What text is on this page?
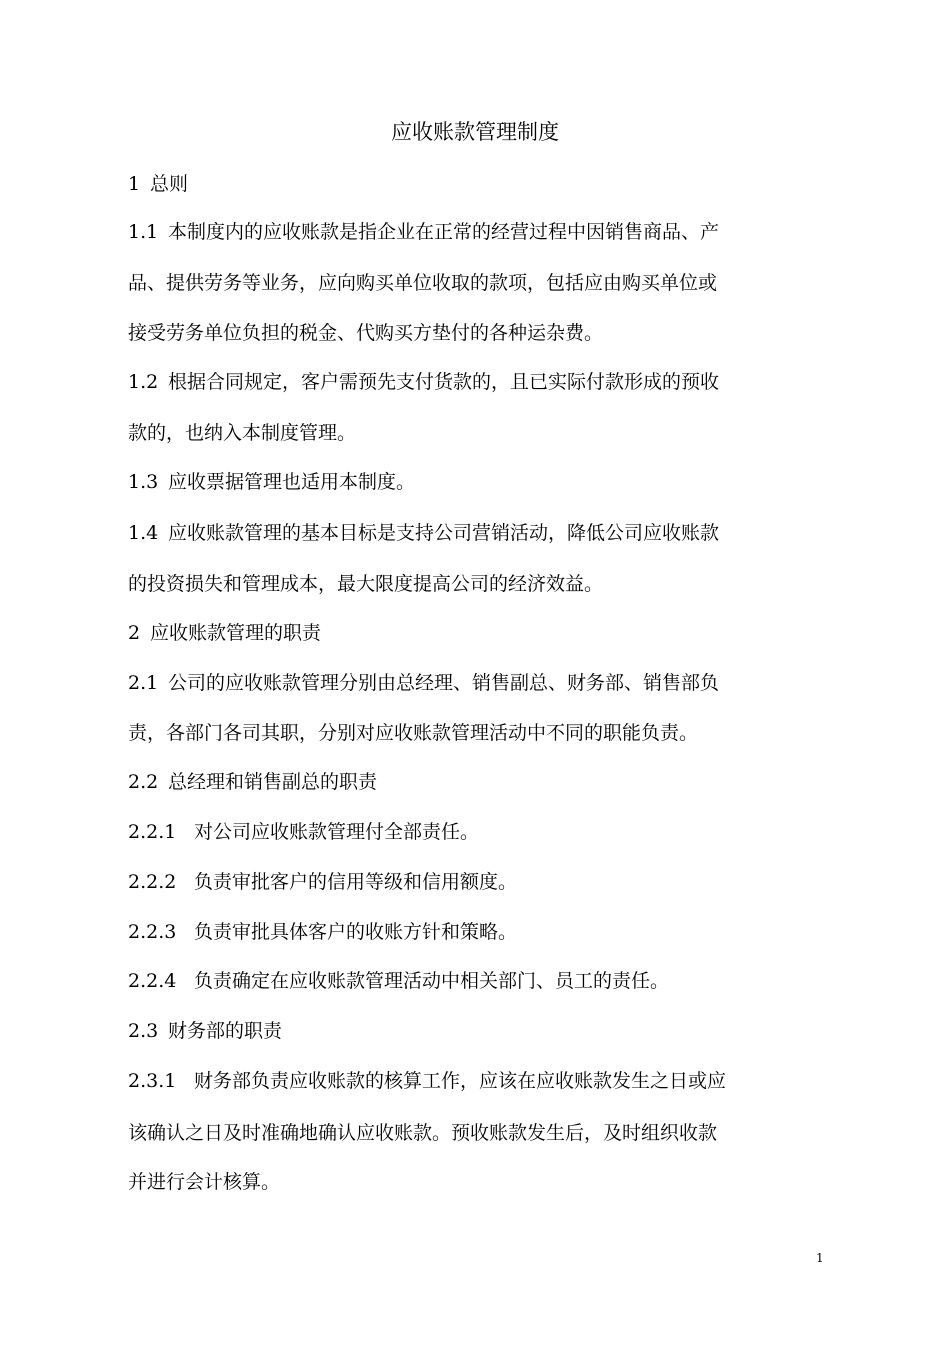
应收账款管理制度

1 总则

1.1 本制度内的应收账款是指企业在正常的经营过程中因销售商品、产

品、提供劳务等业务，应向购买单位收取的款项，包括应由购买单位或

接受劳务单位负担的税金、代购买方垫付的各种运杂费。

1.2 根据合同规定，客户需预先支付货款的，且已实际付款形成的预收

款的，也纳入本制度管理。

1.3 应收票据管理也适用本制度。

1.4 应收账款管理的基本目标是支持公司营销活动，降低公司应收账款

的投资损失和管理成本，最大限度提高公司的经济效益。

2 应收账款管理的职责

2.1 公司的应收账款管理分别由总经理、销售副总、财务部、销售部负

责，各部门各司其职，分别对应收账款管理活动中不同的职能负责。

2.2 总经理和销售副总的职责

2.2.1 对公司应收账款管理付全部责任。

2.2.2 负责审批客户的信用等级和信用额度。

2.2.3 负责审批具体客户的收账方针和策略。

2.2.4 负责确定在应收账款管理活动中相关部门、员工的责任。

2.3 财务部的职责

2.3.1 财务部负责应收账款的核算工作，应该在应收账款发生之日或应

该确认之日及时准确地确认应收账款。预收账款发生后，及时组织收款

并进行会计核算。

1
